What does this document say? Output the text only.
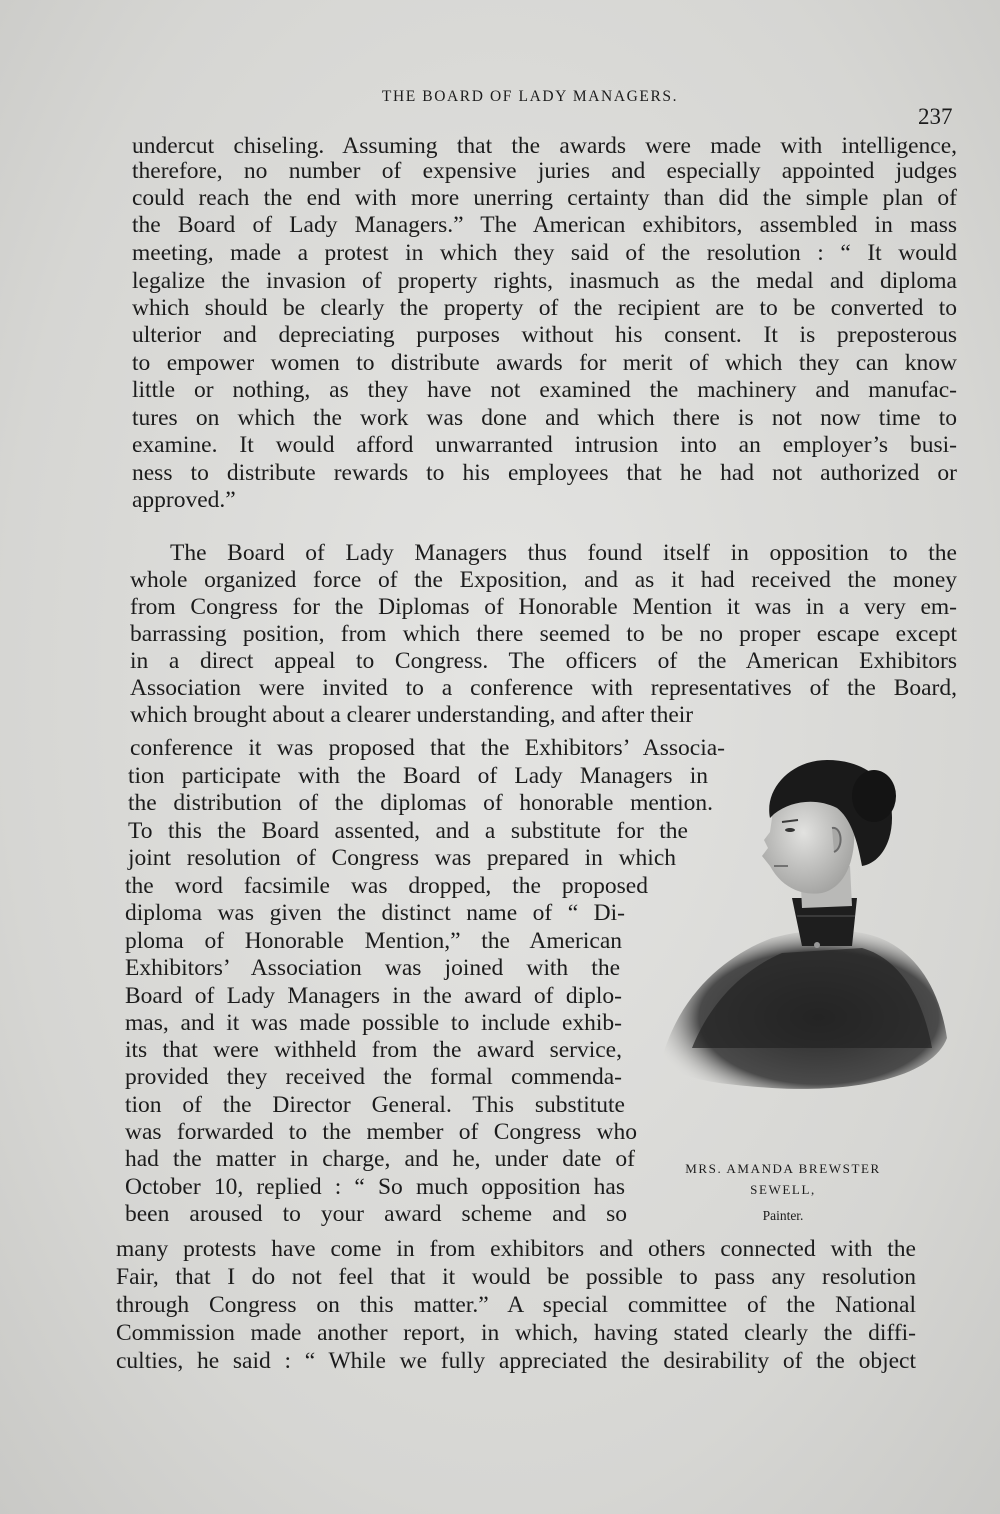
THE BOARD OF LADY MANAGERS.
237
undercut chiseling. Assuming that the awards were made with intelligence,
therefore, no number of expensive juries and especially appointed judges
could reach the end with more unerring certainty than did the simple plan of
the Board of Lady Managers.” The American exhibitors, assembled in mass
meeting, made a protest in which they said of the resolution : “ It would
legalize the invasion of property rights, inasmuch as the medal and diploma
which should be clearly the property of the recipient are to be converted to
ulterior and depreciating purposes without his consent. It is preposterous
to empower women to distribute awards for merit of which they can know
little or nothing, as they have not examined the machinery and manufac-
tures on which the work was done and which there is not now time to
examine. It would afford unwarranted intrusion into an employer’s busi-
ness to distribute rewards to his employees that he had not authorized or
approved.”
The Board of Lady Managers thus found itself in opposition to the
whole organized force of the Exposition, and as it had received the money
from Congress for the Diplomas of Honorable Mention it was in a very em-
barrassing position, from which there seemed to be no proper escape except
in a direct appeal to Congress. The officers of the American Exhibitors
Association were invited to a conference with representatives of the Board,
which brought about a clearer understanding, and after their
conference it was proposed that the Exhibitors’ Associa-
tion participate with the Board of Lady Managers in
the distribution of the diplomas of honorable mention.
To this the Board assented, and a substitute for the
joint resolution of Congress was prepared in which
the word facsimile was dropped, the proposed
diploma was given the distinct name of “ Di-
ploma of Honorable Mention,” the American
Exhibitors’ Association was joined with the
Board of Lady Managers in the award of diplo-
mas, and it was made possible to include exhib-
its that were withheld from the award service,
provided they received the formal commenda-
tion of the Director General. This substitute
was forwarded to the member of Congress who
had the matter in charge, and he, under date of
October 10, replied : “ So much opposition has
been aroused to your award scheme and so
many protests have come in from exhibitors and others connected with the
Fair, that I do not feel that it would be possible to pass any resolution
through Congress on this matter.” A special committee of the National
Commission made another report, in which, having stated clearly the diffi-
culties, he said : “ While we fully appreciated the desirability of the object
MRS. AMANDA BREWSTER
SEWELL,
Painter.
